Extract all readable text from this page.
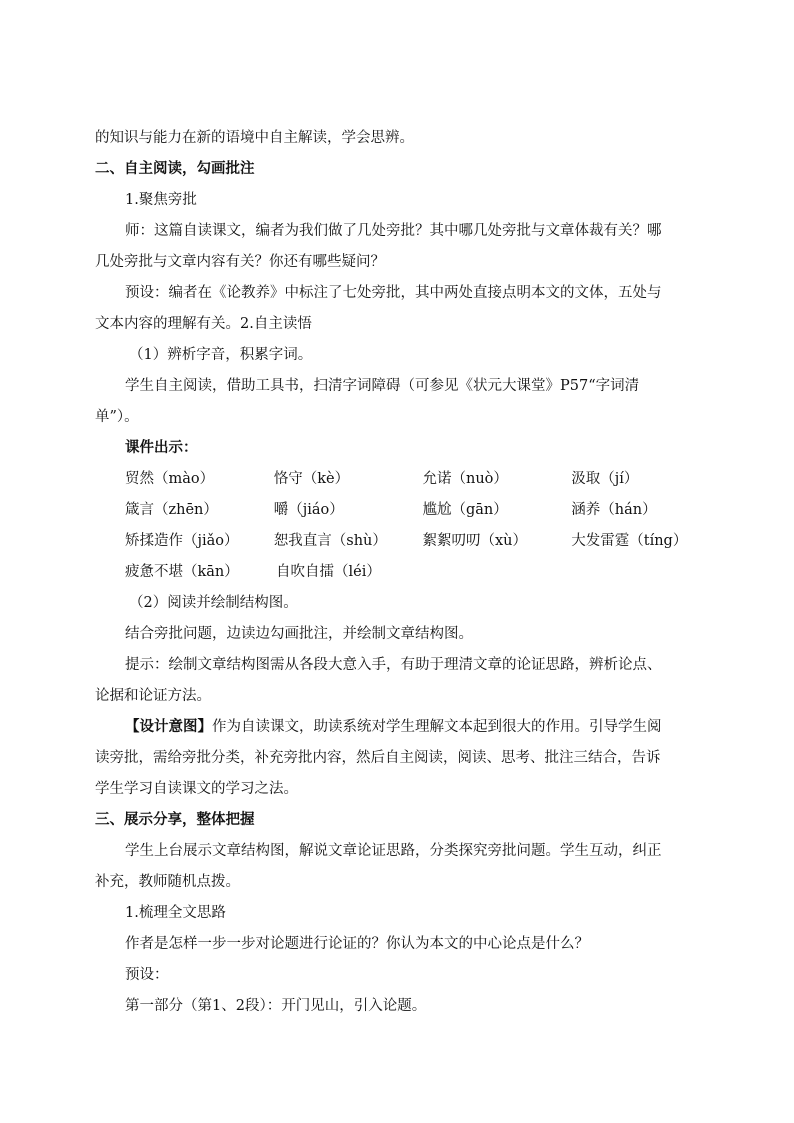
的知识与能力在新的语境中自主解读，学会思辨。

二、自主阅读，勾画批注

1.聚焦旁批

师：这篇自读课文，编者为我们做了几处旁批？其中哪几处旁批与文章体裁有关？哪

几处旁批与文章内容有关？你还有哪些疑问？

预设：编者在《论教养》中标注了七处旁批，其中两处直接点明本文的文体，五处与

文本内容的理解有关。2.自主读悟

（1）辨析字音，积累字词。

学生自主阅读，借助工具书，扫清字词障碍（可参见《状元大课堂》P57“字词清

单”）。

课件出示：

贸然（mào）	恪守（kè）	允诺（nuò）	汲取（jí）
箴言（zhēn）	嚼（jiáo）	尴尬（gān）	涵养（hán）
矫揉造作（jiǎo）	恕我直言（shù）	絮絮叨叨（xù）	大发雷霆（tíng）
疲惫不堪（kān）	自吹自擂（léi）

（2）阅读并绘制结构图。

结合旁批问题，边读边勾画批注，并绘制文章结构图。

提示：绘制文章结构图需从各段大意入手，有助于理清文章的论证思路，辨析论点、

论据和论证方法。

【设计意图】作为自读课文，助读系统对学生理解文本起到很大的作用。引导学生阅

读旁批，需给旁批分类，补充旁批内容，然后自主阅读，阅读、思考、批注三结合，告诉

学生学习自读课文的学习之法。

三、展示分享，整体把握

学生上台展示文章结构图，解说文章论证思路，分类探究旁批问题。学生互动，纠正

补充，教师随机点拨。

1.梳理全文思路

作者是怎样一步一步对论题进行论证的？你认为本文的中心论点是什么？

预设：

第一部分（第1、2段）：开门见山，引入论题。
